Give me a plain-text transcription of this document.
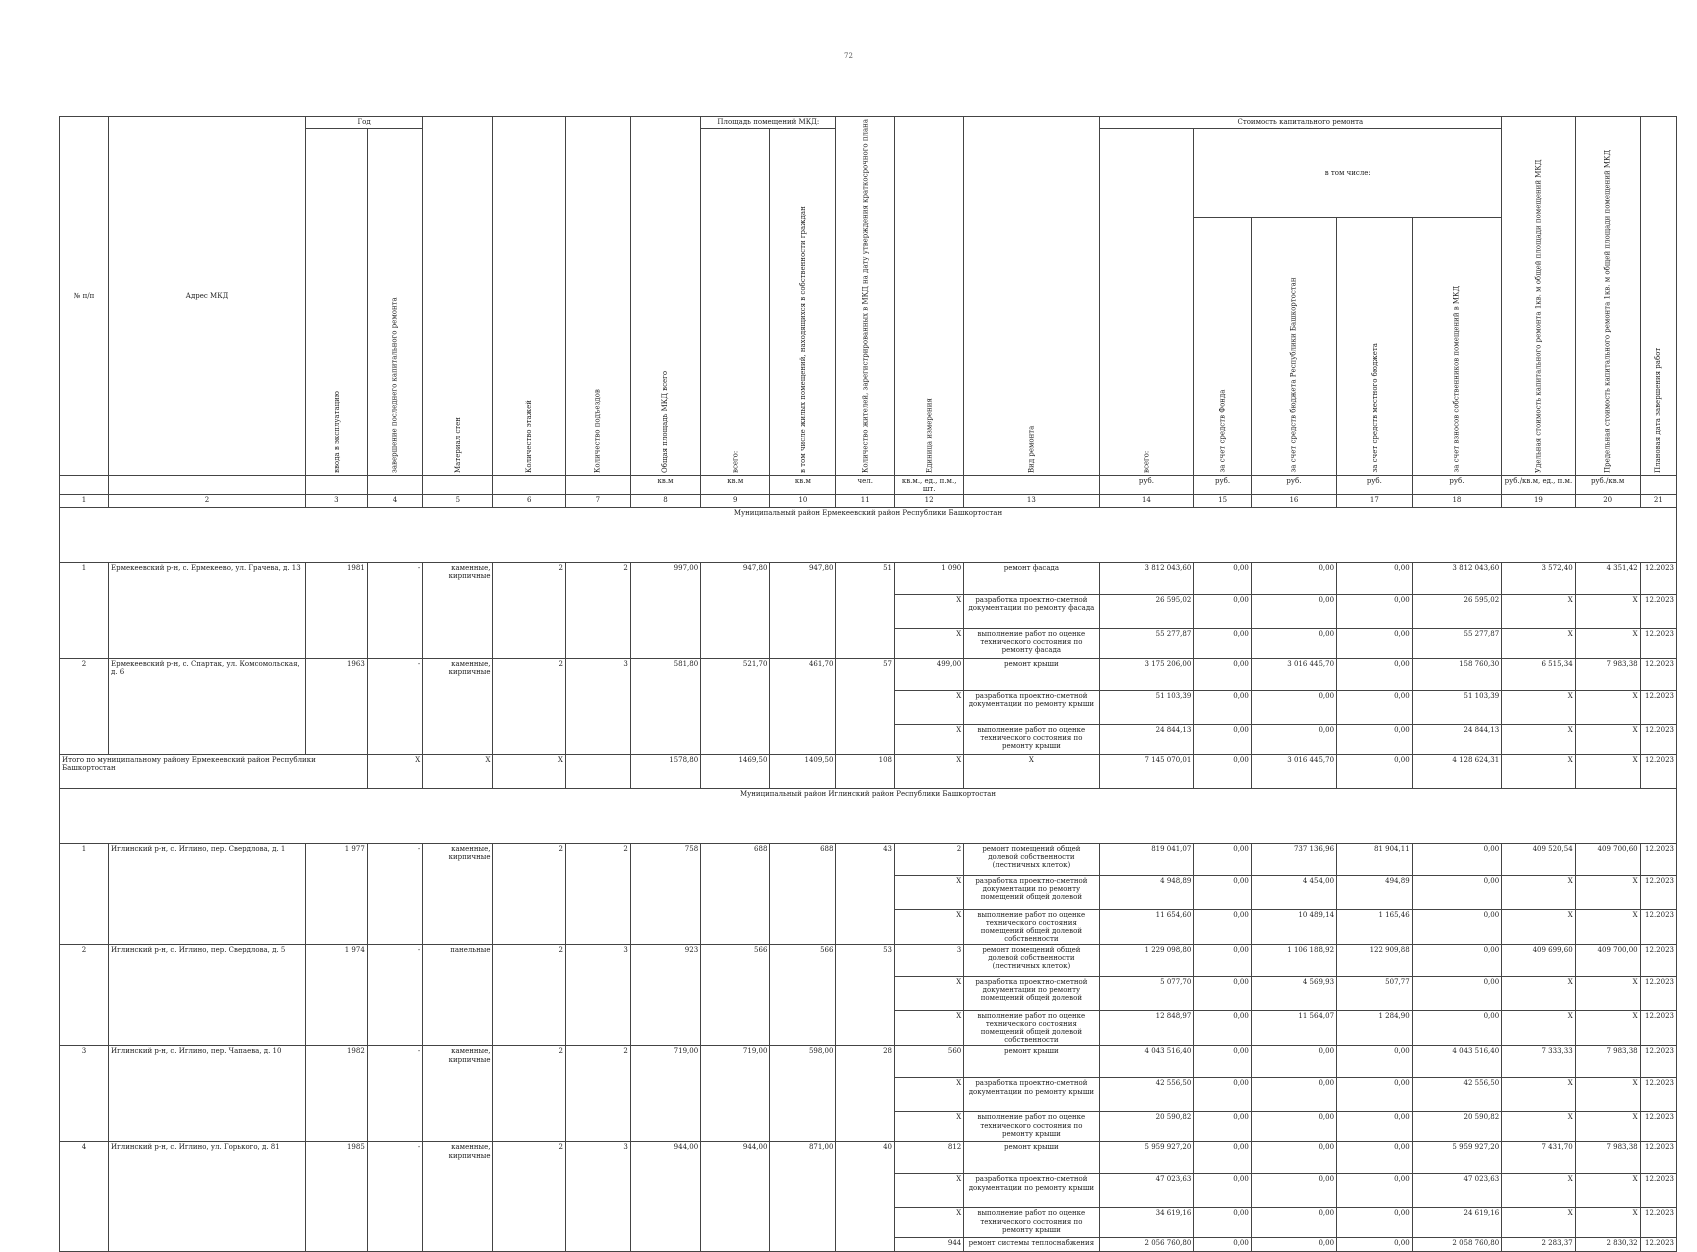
72
№ п/п	Адрес МКД	Год		Материал стен	Количество этажей	Количество подъездов	Общая площадь МКД всего	Площадь помещений МКД:		Количество жителей, зарегистрированных в МКД на дату утверждения краткосрочного плана	Единица измерения	Вид ремонта	Стоимость капитального ремонта					Удельная стоимость капитального ремонта 1кв. м общей площади помещений МКД	Предельная стоимость капитального ремонта 1кв. м общей площади помещений МКД	Плановая дата завершения работ
		ввода в эксплуатацию	завершение последнего капитального ремонта					всего:	в том числе жилых помещений, находящихся в собственности граждан				всего:	в том числе:						
														за счет средств Фонда	за счет средств бюджета Республики Башкортостан	за счет средств местного бюджета	за счет взносов собственников помещений в МКД			
							кв.м	кв.м	кв.м	чел.	кв.м., ед., п.м., шт.		руб.	руб.	руб.	руб.	руб.	руб./кв.м, ед., п.м.	руб./кв.м	
1	2	3	4	5	6	7	8	9	10	11	12	13	14	15	16	17	18	19	20	21
Муниципальный район Ермекеевский район Республики Башкортостан																				
1	Ермекеевский р-н, с. Ермекеево, ул. Грачева, д. 13	1981	-	каменные, кирпичные	2	2	997,00	947,80	947,80	51	1 090	ремонт фасада	3 812 043,60	0,00	0,00	0,00	3 812 043,60	3 572,40	4 351,42	12.2023
											X	разработка проектно-сметной документации по ремонту фасада	26 595,02	0,00	0,00	0,00	26 595,02	X	X	12.2023
											X	выполнение работ по оценке технического состояния по ремонту фасада	55 277,87	0,00	0,00	0,00	55 277,87	X	X	12.2023
2	Ермекеевский р-н, с. Спартак, ул. Комсомольская, д. 6	1963	-	каменные, кирпичные	2	3	581,80	521,70	461,70	57	499,00	ремонт крыши	3 175 206,00	0,00	3 016 445,70	0,00	158 760,30	6 515,34	7 983,38	12.2023
											X	разработка проектно-сметной документации по ремонту крыши	51 103,39	0,00	0,00	0,00	51 103,39	X	X	12.2023
											X	выполнение работ по оценке технического состояния по ремонту крыши	24 844,13	0,00	0,00	0,00	24 844,13	X	X	12.2023
Итого по муниципальному району Ермекеевский район Республики Башкортостан			X	X	X		1578,80	1469,50	1409,50	108	X	X	7 145 070,01	0,00	3 016 445,70	0,00	4 128 624,31	X	X	12.2023
Муниципальный район Иглинский район Республики Башкортостан																				
1	Иглинский р-н, с. Иглино, пер. Свердлова, д. 1	1 977	-	каменные, кирпичные	2	2	758	688	688	43	2	ремонт помещений общей долевой собственности (лестничных клеток)	819 041,07	0,00	737 136,96	81 904,11	0,00	409 520,54	409 700,60	12.2023
											X	разработка проектно-сметной документации по ремонту помещений общей долевой	4 948,89	0,00	4 454,00	494,89	0,00	X	X	12.2023
											X	выполнение работ по оценке технического состояния помещений общей долевой собственности	11 654,60	0,00	10 489,14	1 165,46	0,00	X	X	12.2023
2	Иглинский р-н, с. Иглино, пер. Свердлова, д. 5	1 974	-	панельные	2	3	923	566	566	53	3	ремонт помещений общей долевой собственности (лестничных клеток)	1 229 098,80	0,00	1 106 188,92	122 909,88	0,00	409 699,60	409 700,00	12.2023
											X	разработка проектно-сметной документации по ремонту помещений общей долевой	5 077,70	0,00	4 569,93	507,77	0,00	X	X	12.2023
											X	выполнение работ по оценке технического состояния помещений общей долевой собственности	12 848,97	0,00	11 564,07	1 284,90	0,00	X	X	12.2023
3	Иглинский р-н, с. Иглино, пер. Чапаева, д. 10	1982	-	каменные, кирпичные	2	2	719,00	719,00	598,00	28	560	ремонт крыши	4 043 516,40	0,00	0,00	0,00	4 043 516,40	7 333,33	7 983,38	12.2023
											X	разработка проектно-сметной документации по ремонту крыши	42 556,50	0,00	0,00	0,00	42 556,50	X	X	12.2023
											X	выполнение работ по оценке технического состояния по ремонту крыши	20 590,82	0,00	0,00	0,00	20 590,82	X	X	12.2023
4	Иглинский р-н, с. Иглино, ул. Горького, д. 81	1985	-	каменные, кирпичные	2	3	944,00	944,00	871,00	40	812	ремонт крыши	5 959 927,20	0,00	0,00	0,00	5 959 927,20	7 431,70	7 983,38	12.2023
											X	разработка проектно-сметной документации по ремонту крыши	47 023,63	0,00	0,00	0,00	47 023,63	X	X	12.2023
											X	выполнение работ по оценке технического состояния по ремонту крыши	34 619,16	0,00	0,00	0,00	24 619,16	X	X	12.2023
											944	ремонт системы теплоснабжения	2 056 760,80	0,00	0,00	0,00	2 058 760,80	2 283,37	2 830,32	12.2023
